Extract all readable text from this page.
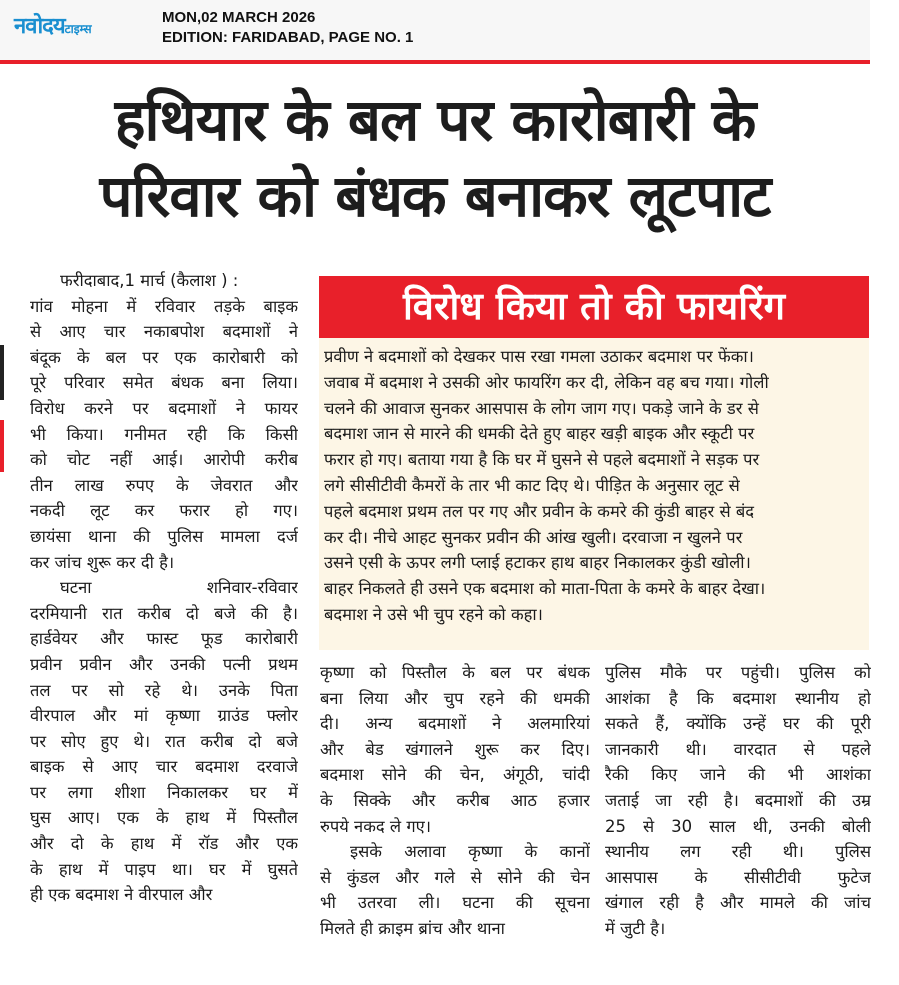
नवोदयटाइम्स
MON,02 MARCH 2026
EDITION: FARIDABAD, PAGE NO. 1
हथियार के बल पर कारोबारी के
परिवार को बंधक बनाकर लूटपाट
फरीदाबाद,1 मार्च (कैलाश ) :
गांव मोहना में रविवार तड़के बाइक
से आए चार नकाबपोश बदमाशों ने
बंदूक के बल पर एक कारोबारी को
पूरे परिवार समेत बंधक बना लिया।
विरोध करने पर बदमाशों ने फायर
भी किया। गनीमत रही कि किसी
को चोट नहीं आई। आरोपी करीब
तीन लाख रुपए के जेवरात और
नकदी लूट कर फरार हो गए।
छायंसा थाना की पुलिस मामला दर्ज
कर जांच शुरू कर दी है।
घटना शनिवार-रविवार
दरमियानी रात करीब दो बजे की है।
हार्डवेयर और फास्ट फूड कारोबारी
प्रवीन प्रवीन और उनकी पत्नी प्रथम
तल पर सो रहे थे। उनके पिता
वीरपाल और मां कृष्णा ग्राउंड फ्लोर
पर सोए हुए थे। रात करीब दो बजे
बाइक से आए चार बदमाश दरवाजे
पर लगा शीशा निकालकर घर में
घुस आए। एक के हाथ में पिस्तौल
और दो के हाथ में रॉड और एक
के हाथ में पाइप था। घर में घुसते
ही एक बदमाश ने वीरपाल और
विरोध किया तो की फायरिंग
प्रवीण ने बदमाशों को देखकर पास रखा गमला उठाकर बदमाश पर फेंका।
जवाब में बदमाश ने उसकी ओर फायरिंग कर दी, लेकिन वह बच गया। गोली
चलने की आवाज सुनकर आसपास के लोग जाग गए। पकड़े जाने के डर से
बदमाश जान से मारने की धमकी देते हुए बाहर खड़ी बाइक और स्कूटी पर
फरार हो गए। बताया गया है कि घर में घुसने से पहले बदमाशों ने सड़क पर
लगे सीसीटीवी कैमरों के तार भी काट दिए थे। पीड़ित के अनुसार लूट से
पहले बदमाश प्रथम तल पर गए और प्रवीन के कमरे की कुंडी बाहर से बंद
कर दी। नीचे आहट सुनकर प्रवीन की आंख खुली। दरवाजा न खुलने पर
उसने एसी के ऊपर लगी प्लाई हटाकर हाथ बाहर निकालकर कुंडी खोली।
बाहर निकलते ही उसने एक बदमाश को माता-पिता के कमरे के बाहर देखा।
बदमाश ने उसे भी चुप रहने को कहा।
कृष्णा को पिस्तौल के बल पर बंधक
बना लिया और चुप रहने की धमकी
दी। अन्य बदमाशों ने अलमारियां
और बेड खंगालने शुरू कर दिए।
बदमाश सोने की चेन, अंगूठी, चांदी
के सिक्के और करीब आठ हजार
रुपये नकद ले गए।
इसके अलावा कृष्णा के कानों
से कुंडल और गले से सोने की चेन
भी उतरवा ली। घटना की सूचना
मिलते ही क्राइम ब्रांच और थाना
पुलिस मौके पर पहुंची। पुलिस को
आशंका है कि बदमाश स्थानीय हो
सकते हैं, क्योंकि उन्हें घर की पूरी
जानकारी थी। वारदात से पहले
रैकी किए जाने की भी आशंका
जताई जा रही है। बदमाशों की उम्र
25 से 30 साल थी, उनकी बोली
स्थानीय लग रही थी। पुलिस
आसपास के सीसीटीवी फुटेज
खंगाल रही है और मामले की जांच
में जुटी है।
